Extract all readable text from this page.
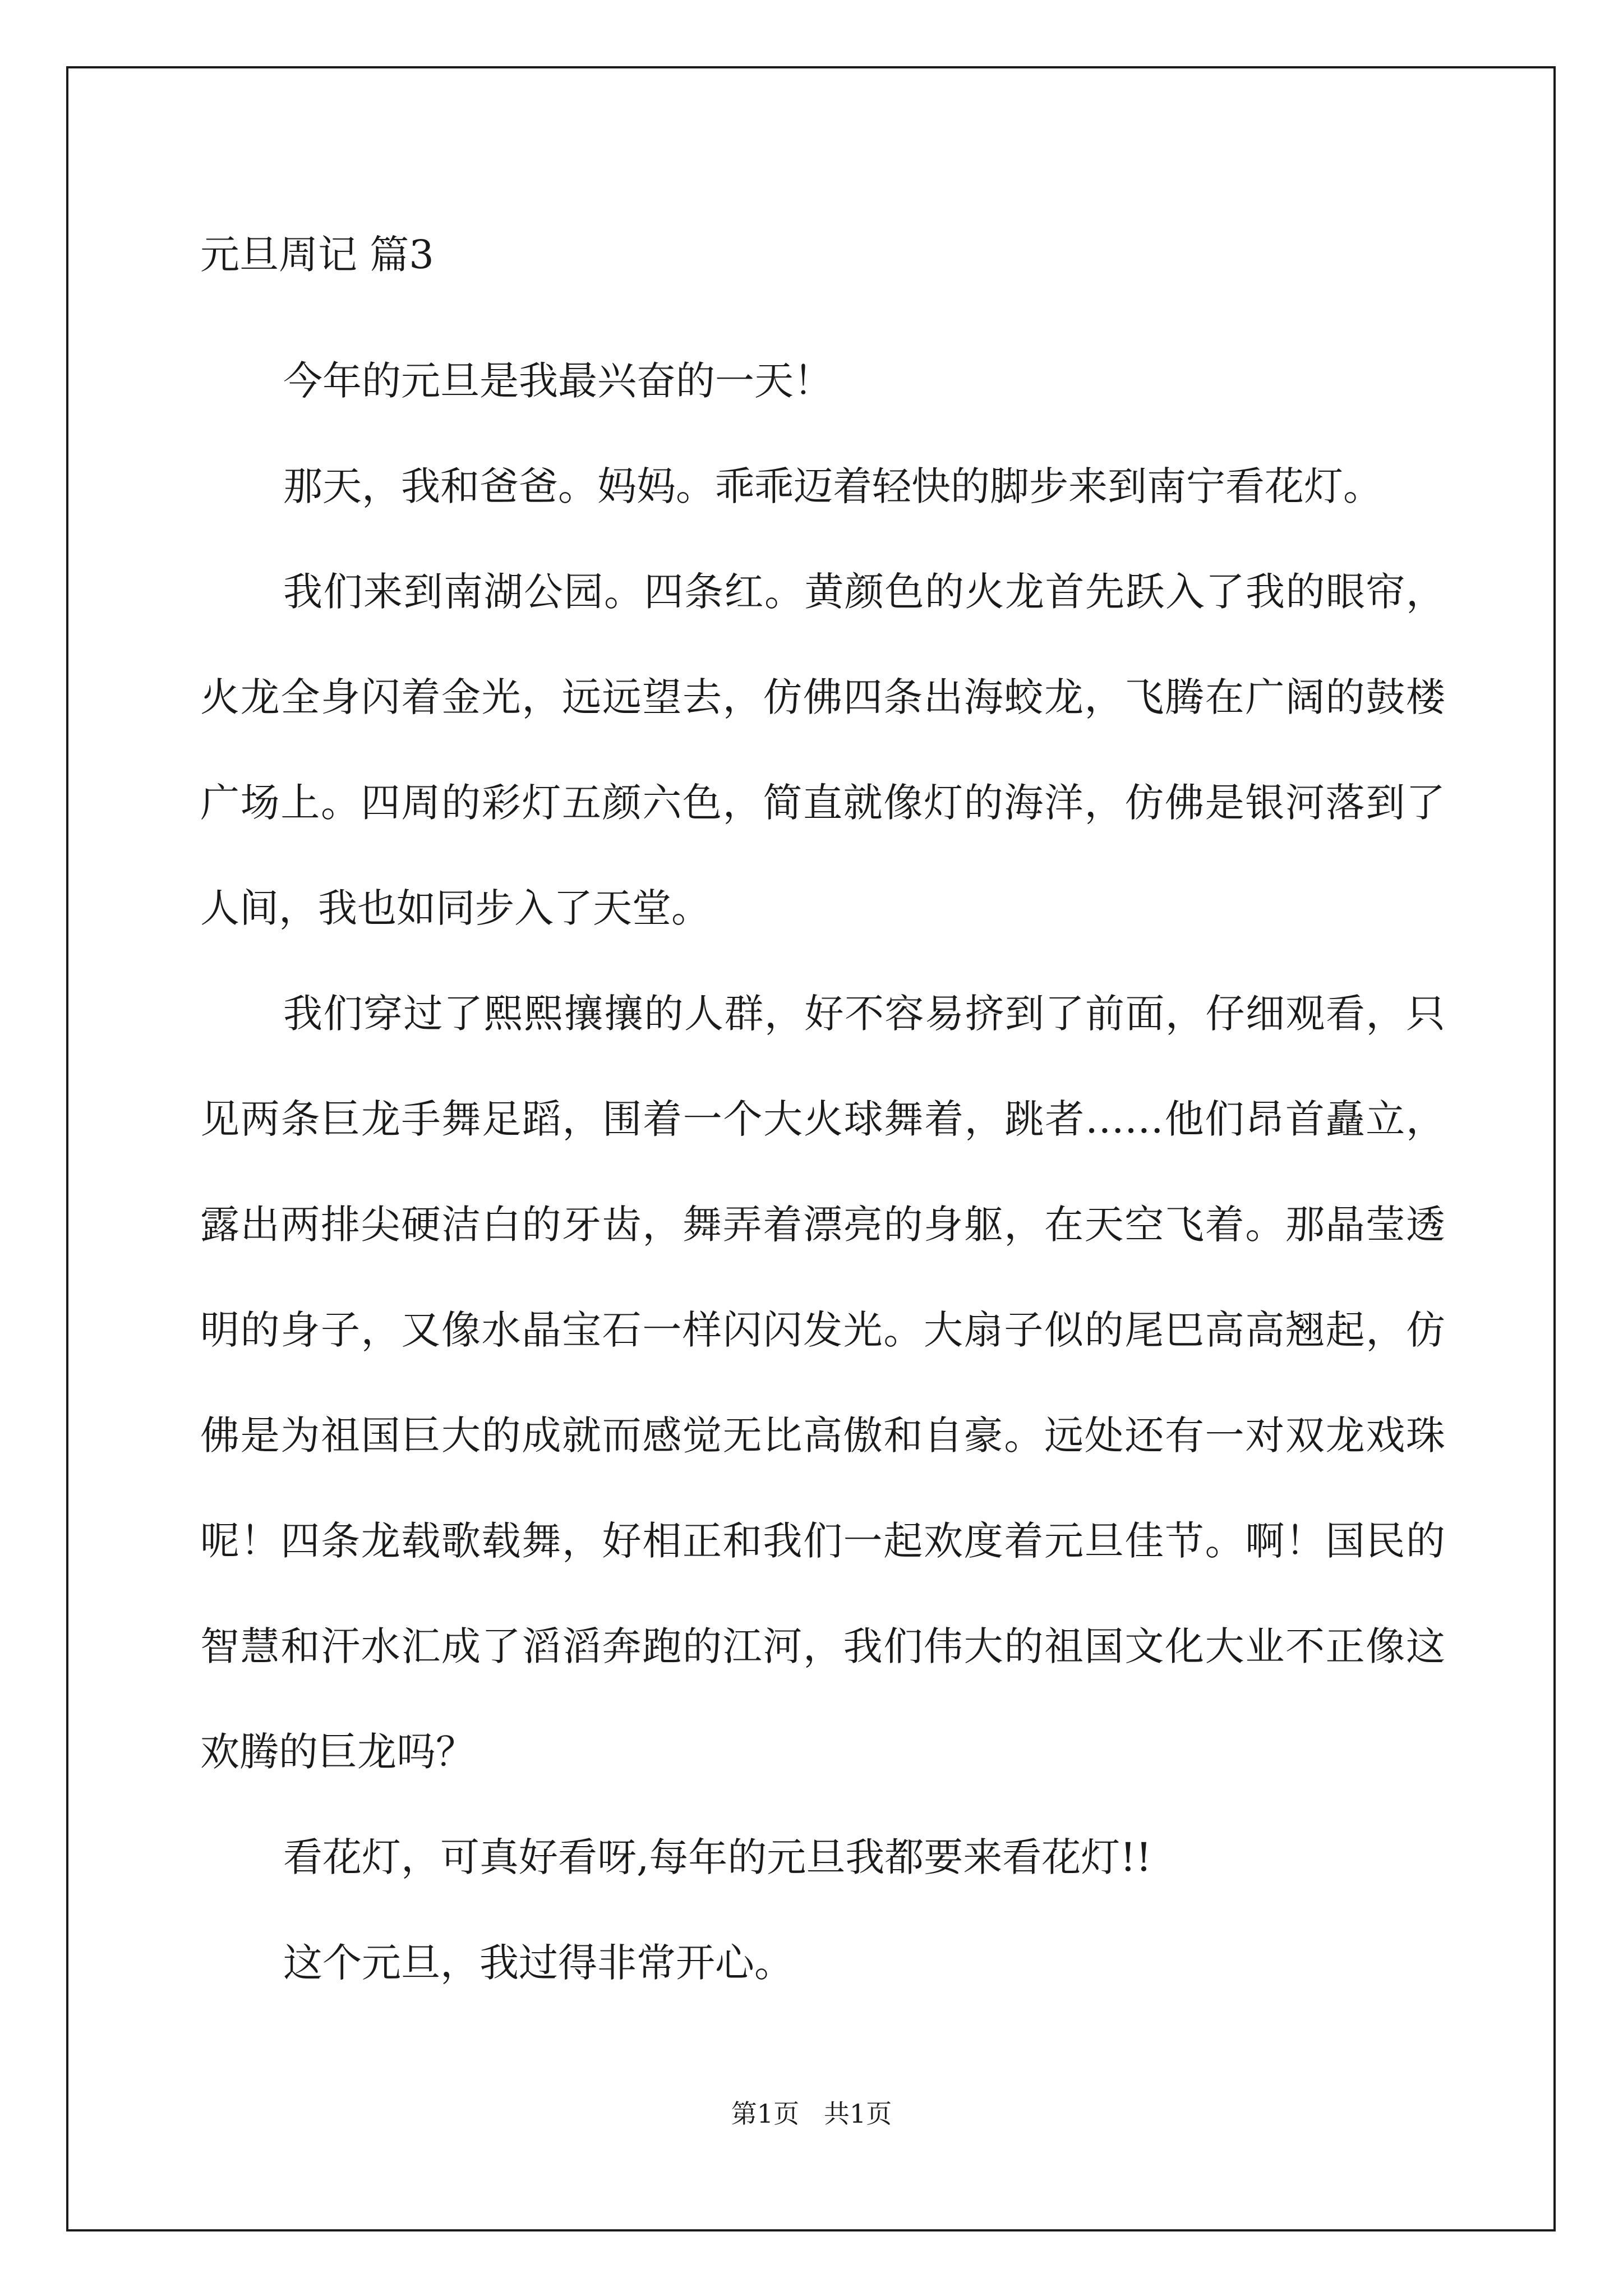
元旦周记 篇3

今年的元旦是我最兴奋的一天！

那天，我和爸爸。妈妈。乖乖迈着轻快的脚步来到南宁看花灯。

我们来到南湖公园。四条红。黄颜色的火龙首先跃入了我的眼帘，火龙全身闪着金光，远远望去，仿佛四条出海蛟龙，飞腾在广阔的鼓楼广场上。四周的彩灯五颜六色，简直就像灯的海洋，仿佛是银河落到了人间，我也如同步入了天堂。

我们穿过了熙熙攘攘的人群，好不容易挤到了前面，仔细观看，只见两条巨龙手舞足蹈，围着一个大火球舞着，跳者……他们昂首矗立，露出两排尖硬洁白的牙齿，舞弄着漂亮的身躯，在天空飞着。那晶莹透明的身子，又像水晶宝石一样闪闪发光。大扇子似的尾巴高高翘起，仿佛是为祖国巨大的成就而感觉无比高傲和自豪。远处还有一对双龙戏珠呢！四条龙载歌载舞，好相正和我们一起欢度着元旦佳节。啊！国民的智慧和汗水汇成了滔滔奔跑的江河，我们伟大的祖国文化大业不正像这欢腾的巨龙吗？

看花灯，可真好看呀,每年的元旦我都要来看花灯!!

这个元旦，我过得非常开心。

第1页   共1页
